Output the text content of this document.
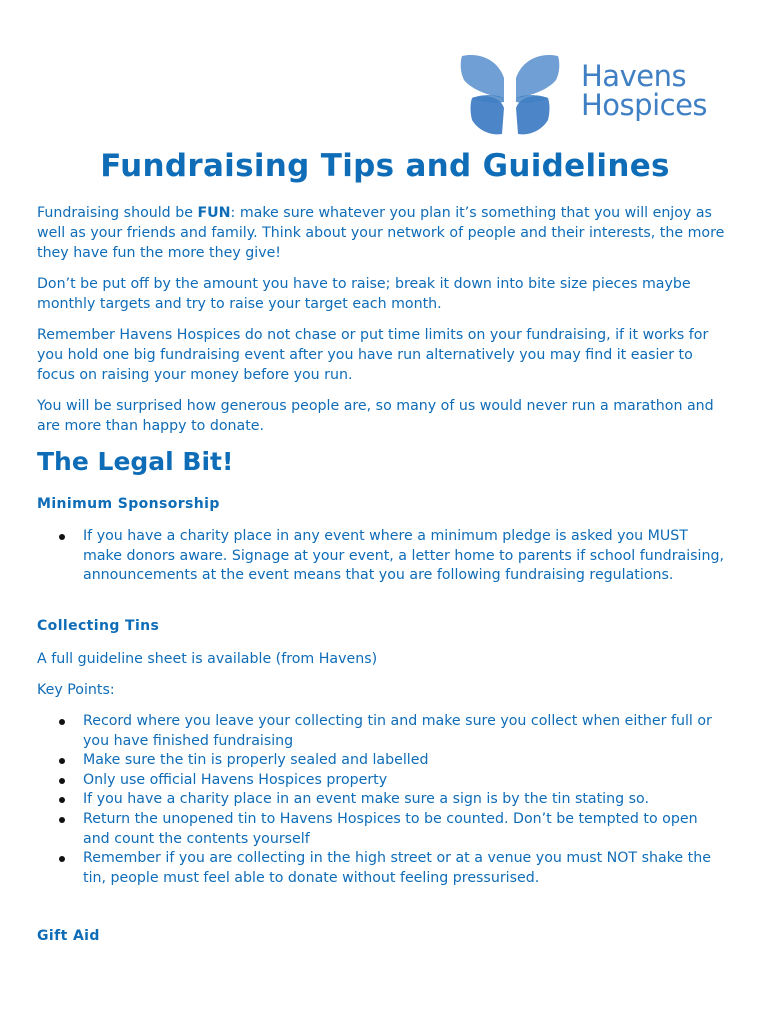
Havens
Hospices
Fundraising Tips and Guidelines

Fundraising should be FUN: make sure whatever you plan it’s something that you will enjoy as well as your friends and family. Think about your network of people and their interests, the more they have fun the more they give!

Don’t be put off by the amount you have to raise; break it down into bite size pieces maybe monthly targets and try to raise your target each month.

Remember Havens Hospices do not chase or put time limits on your fundraising, if it works for you hold one big fundraising event after you have run alternatively you may find it easier to focus on raising your money before you run.

You will be surprised how generous people are, so many of us would never run a marathon and are more than happy to donate.

The Legal Bit!
Minimum Sponsorship
If you have a charity place in any event where a minimum pledge is asked you MUST make donors aware. Signage at your event, a letter home to parents if school fundraising, announcements at the event means that you are following fundraising regulations.
Collecting Tins

A full guideline sheet is available (from Havens)

Key Points:

Record where you leave your collecting tin and make sure you collect when either full or you have finished fundraising
Make sure the tin is properly sealed and labelled
Only use official Havens Hospices property
If you have a charity place in an event make sure a sign is by the tin stating so.
Return the unopened tin to Havens Hospices to be counted. Don’t be tempted to open and count the contents yourself
Remember if you are collecting in the high street or at a venue you must NOT shake the tin, people must feel able to donate without feeling pressurised.
Gift Aid
